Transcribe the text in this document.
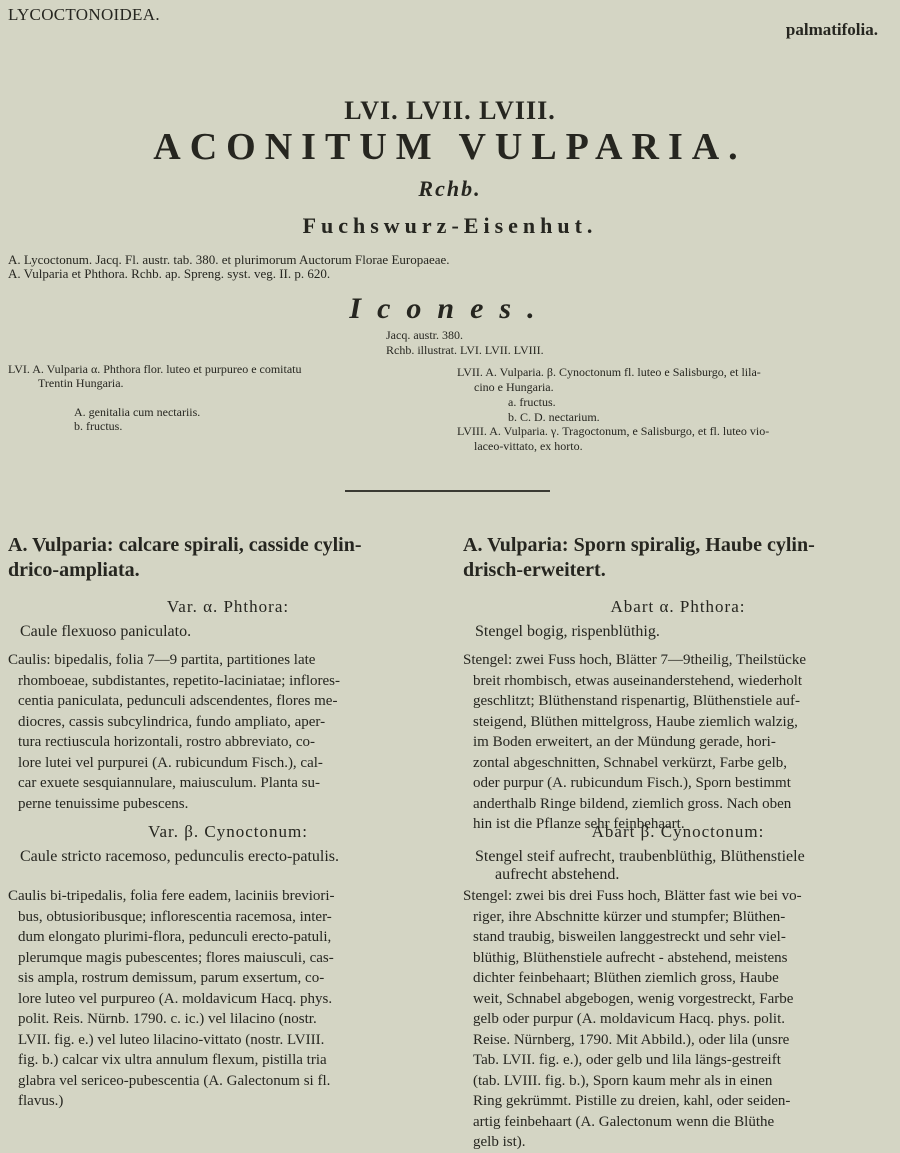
LYCOCTONOIDEA.
palmatifolia.
LVI. LVII. LVIII.
ACONITUM VULPARIA.
Rchb.
Fuchswurz-Eisenhut.
A. Lycoctonum. Jacq. Fl. austr. tab. 380. et plurimorum Auctorum Florae Europaeae.
A. Vulparia et Phthora. Rchb. ap. Spreng. syst. veg. II. p. 620.
Icones.
Jacq. austr. 380.
Rchb. illustrat. LVI. LVII. LVIII.
LVI. A. Vulparia α. Phthora flor. luteo et purpureo e comitatu
Trentin Hungaria.
A. genitalia cum nectariis.
b. fructus.
LVII. A. Vulparia. β. Cynoctonum fl. luteo e Salisburgo, et lila-
cino e Hungaria.
a. fructus.
b. C. D. nectarium.
LVIII. A. Vulparia. γ. Tragoctonum, e Salisburgo, et fl. luteo vio-
laceo-vittato, ex horto.
A. Vulparia: calcare spirali, casside cylin-
drico-ampliata.
Var. α. Phthora:
Caule flexuoso paniculato.
Caulis: bipedalis, folia 7—9 partita, partitiones late
rhomboeae, subdistantes, repetito-laciniatae; inflores-
centia paniculata, pedunculi adscendentes, flores me-
diocres, cassis subcylindrica, fundo ampliato, aper-
tura rectiuscula horizontali, rostro abbreviato, co-
lore lutei vel purpurei (A. rubicundum Fisch.), cal-
car exuete sesquiannulare, maiusculum. Planta su-
perne tenuissime pubescens.
Var. β. Cynoctonum:
Caule stricto racemoso, pedunculis erecto-patulis.
Caulis bi-tripedalis, folia fere eadem, laciniis breviori-
bus, obtusioribusque; inflorescentia racemosa, inter-
dum elongato plurimi-flora, pedunculi erecto-patuli,
plerumque magis pubescentes; flores maiusculi, cas-
sis ampla, rostrum demissum, parum exsertum, co-
lore luteo vel purpureo (A. moldavicum Hacq. phys.
polit. Reis. Nürnb. 1790. c. ic.) vel lilacino (nostr.
LVII. fig. e.) vel luteo lilacino-vittato (nostr. LVIII.
fig. b.) calcar vix ultra annulum flexum, pistilla tria
glabra vel sericeo-pubescentia (A. Galectonum si fl.
flavus.)
A. Vulparia: Sporn spiralig, Haube cylin-
drisch-erweitert.
Abart α. Phthora:
Stengel bogig, rispenblüthig.
Stengel: zwei Fuss hoch, Blätter 7—9theilig, Theilstücke
breit rhombisch, etwas auseinanderstehend, wiederholt
geschlitzt; Blüthenstand rispenartig, Blüthenstiele auf-
steigend, Blüthen mittelgross, Haube ziemlich walzig,
im Boden erweitert, an der Mündung gerade, hori-
zontal abgeschnitten, Schnabel verkürzt, Farbe gelb,
oder purpur (A. rubicundum Fisch.), Sporn bestimmt
anderthalb Ringe bildend, ziemlich gross. Nach oben
hin ist die Pflanze sehr feinbehaart.
Abart β. Cynoctonum:
Stengel steif aufrecht, traubenblüthig, Blüthenstiele
aufrecht abstehend.
Stengel: zwei bis drei Fuss hoch, Blätter fast wie bei vo-
riger, ihre Abschnitte kürzer und stumpfer; Blüthen-
stand traubig, bisweilen langgestreckt und sehr viel-
blüthig, Blüthenstiele aufrecht - abstehend, meistens
dichter feinbehaart; Blüthen ziemlich gross, Haube
weit, Schnabel abgebogen, wenig vorgestreckt, Farbe
gelb oder purpur (A. moldavicum Hacq. phys. polit.
Reise. Nürnberg, 1790. Mit Abbild.), oder lila (unsre
Tab. LVII. fig. e.), oder gelb und lila längs-gestreift
(tab. LVIII. fig. b.), Sporn kaum mehr als in einen
Ring gekrümmt. Pistille zu dreien, kahl, oder seiden-
artig feinbehaart (A. Galectonum wenn die Blüthe
gelb ist).
